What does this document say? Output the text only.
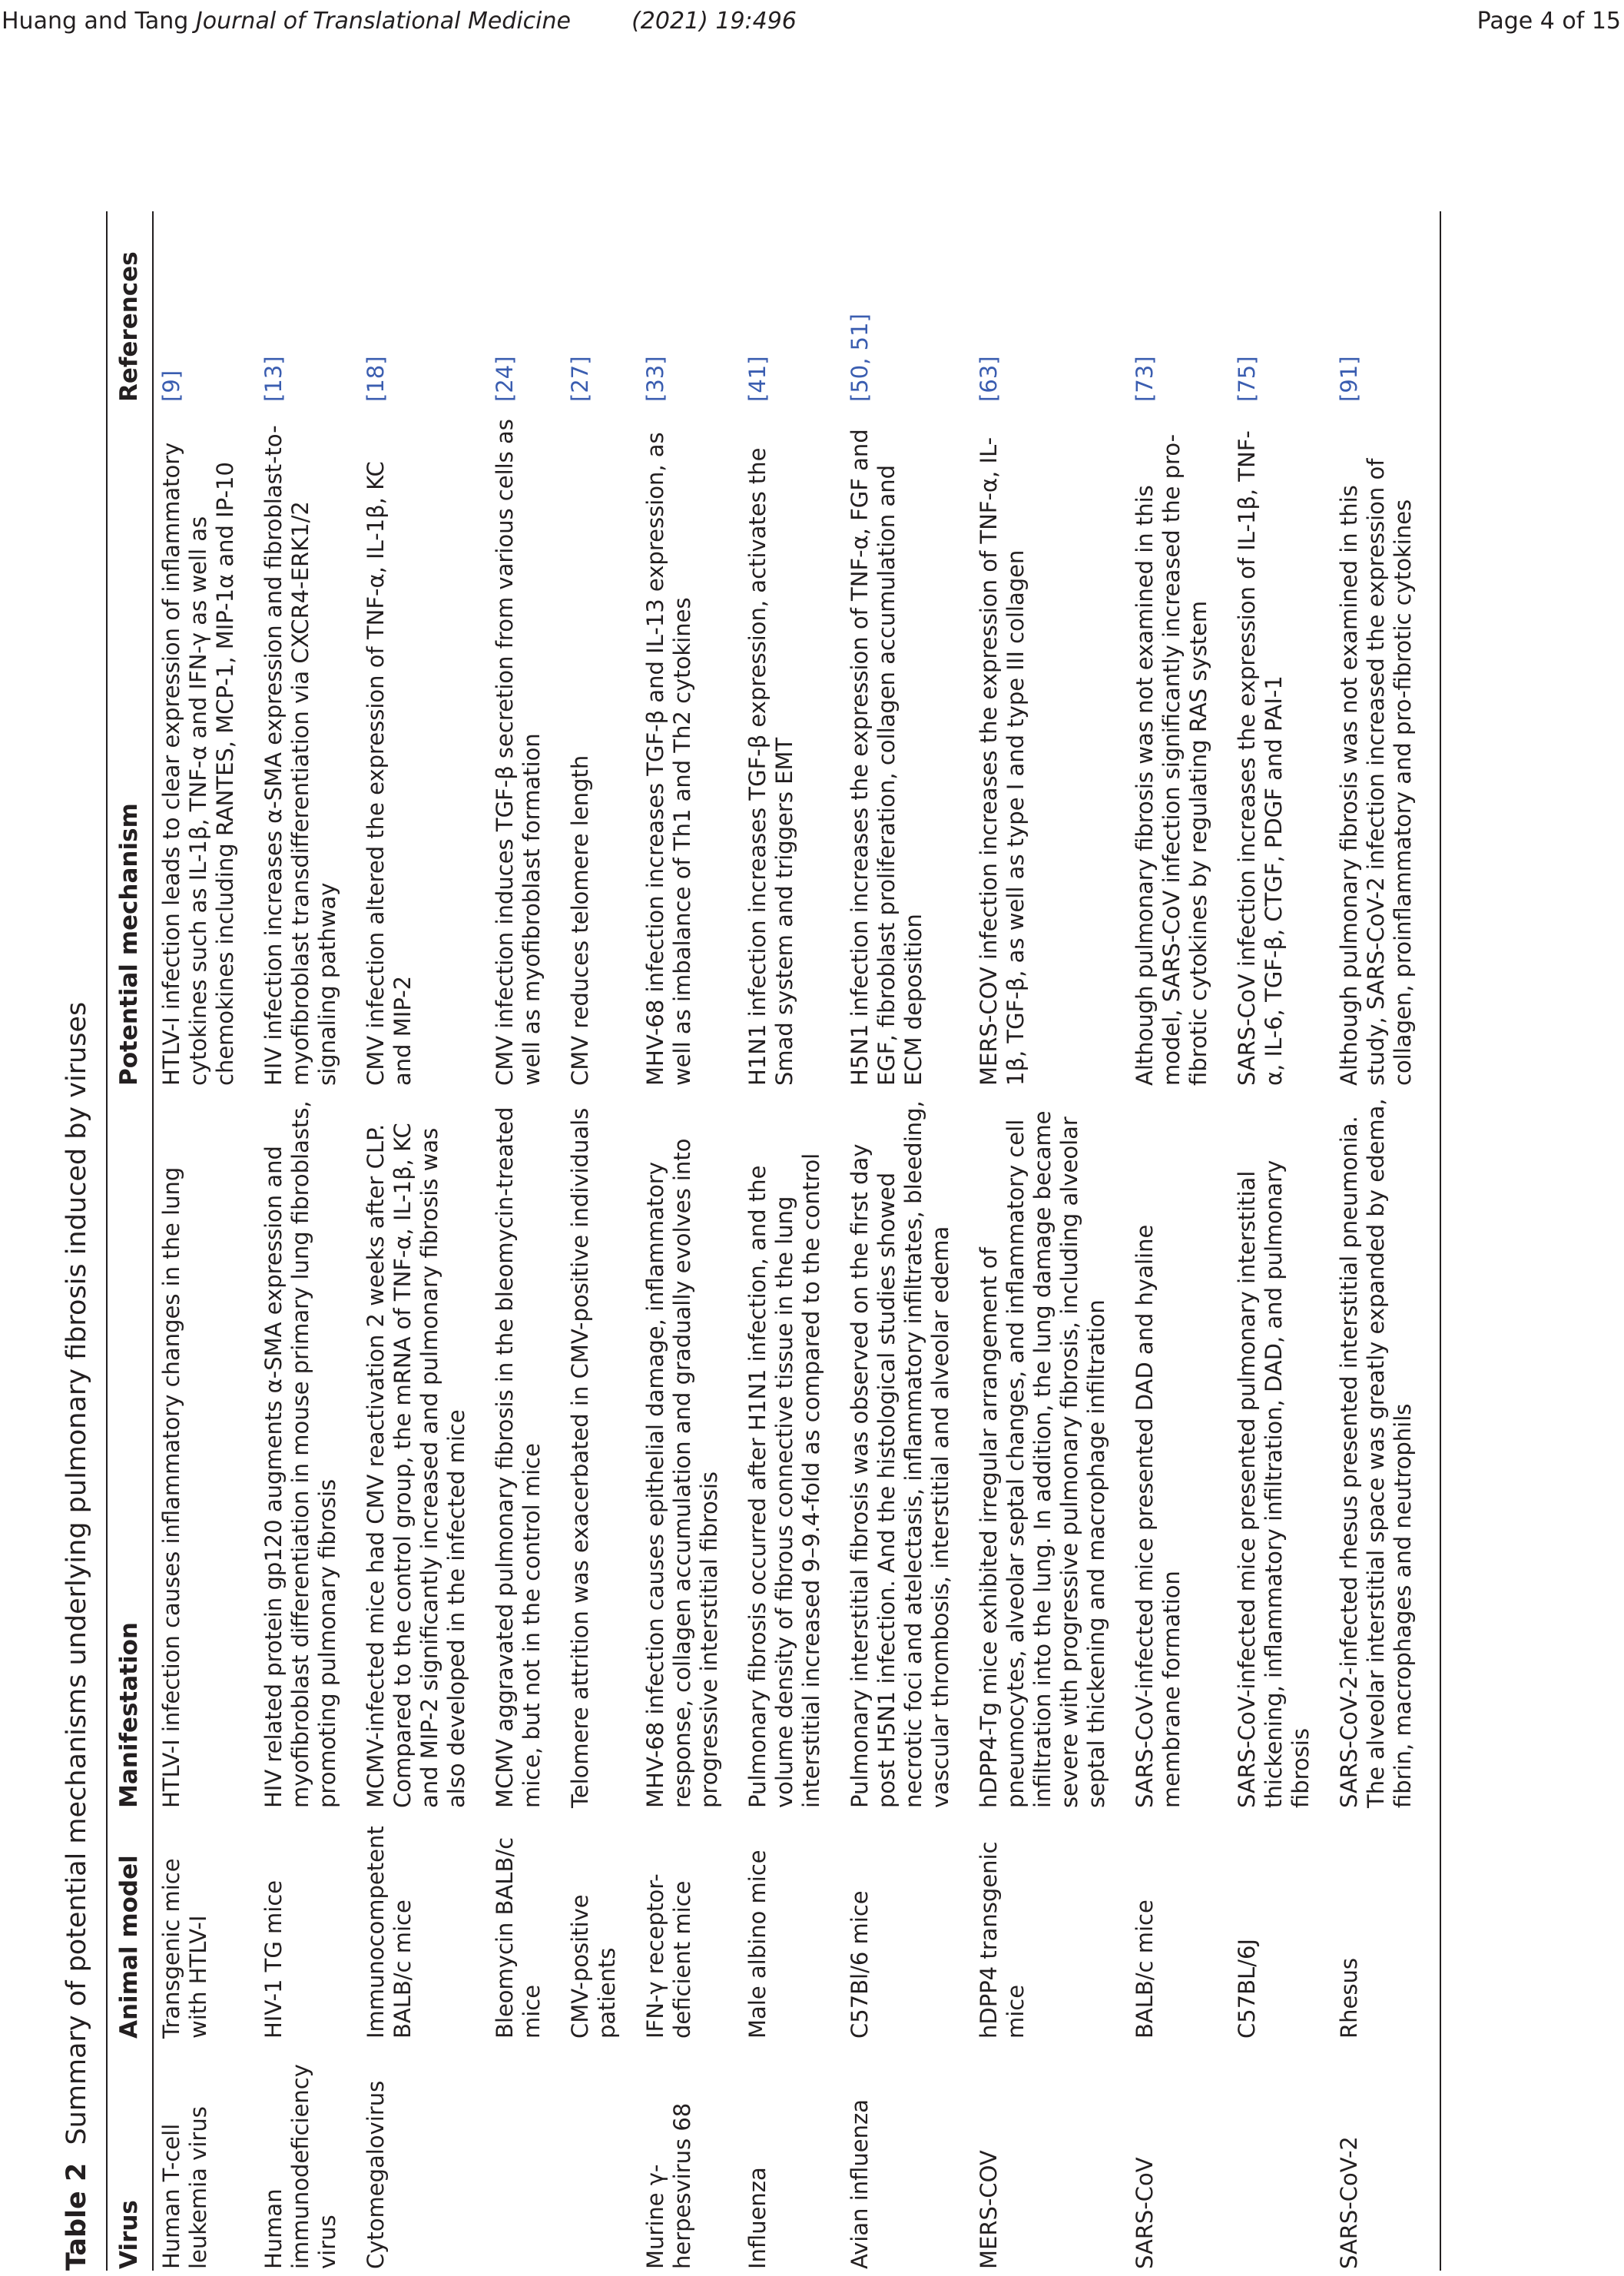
Huang and Tang Journal of Translational Medicine	(2021) 19:496	Page 4 of 15
Table 2 Summary of potential mechanisms underlying pulmonary fibrosis induced by viruses
Virus	Animal model	Manifestation	Potential mechanism	References
Human T-cell leukemia virus	Transgenic mice with HTLV-I	HTLV-I infection causes inflammatory changes in the lung	HTLV-I infection leads to clear expression of inflammatory cytokines such as IL-1β, TNF-α and IFN-γ as well as chemokines including RANTES, MCP-1, MIP-1α and IP-10	[9]
Human immunodeficiency virus	HIV-1 TG mice	HIV related protein gp120 augments α-SMA expression and myofibroblast differentiation in mouse primary lung fibroblasts, promoting pulmonary fibrosis	HIV infection increases α-SMA expression and fibroblast-to-myofibroblast transdifferentiation via CXCR4-ERK1/2 signaling pathway	[13]
Cytomegalovirus	Immunocompetent BALB/c mice	MCMV-infected mice had CMV reactivation 2 weeks after CLP. Compared to the control group, the mRNA of TNF-α, IL-1β, KC and MIP-2 significantly increased and pulmonary fibrosis was also developed in the infected mice	CMV infection altered the expression of TNF-α, IL-1β, KC and MIP-2	[18]
	Bleomycin BALB/c mice	MCMV aggravated pulmonary fibrosis in the bleomycin-treated mice, but not in the control mice	CMV infection induces TGF-β secretion from various cells as well as myofibroblast formation	[24]
	CMV-positive patients	Telomere attrition was exacerbated in CMV-positive individuals	CMV reduces telomere length	[27]
Murine γ-herpesvirus 68	IFN-γ receptor-deficient mice	MHV-68 infection causes epithelial damage, inflammatory response, collagen accumulation and gradually evolves into progressive interstitial fibrosis	MHV-68 infection increases TGF-β and IL-13 expression, as well as imbalance of Th1 and Th2 cytokines	[33]
Influenza	Male albino mice	Pulmonary fibrosis occurred after H1N1 infection, and the volume density of fibrous connective tissue in the lung interstitial increased 9–9.4-fold as compared to the control	H1N1 infection increases TGF-β expression, activates the Smad system and triggers EMT	[41]
Avian influenza	C57Bl/6 mice	Pulmonary interstitial fibrosis was observed on the first day post H5N1 infection. And the histological studies showed necrotic foci and atelectasis, inflammatory infiltrates, bleeding, vascular thrombosis, interstitial and alveolar edema	H5N1 infection increases the expression of TNF-α, FGF and EGF, fibroblast proliferation, collagen accumulation and ECM deposition	[50, 51]
MERS-COV	hDPP4 transgenic mice	hDPP4-Tg mice exhibited irregular arrangement of pneumocytes, alveolar septal changes, and inflammatory cell infiltration into the lung. In addition, the lung damage became severe with progressive pulmonary fibrosis, including alveolar septal thickening and macrophage infiltration	MERS-COV infection increases the expression of TNF-α, IL-1β, TGF-β, as well as type I and type III collagen	[63]
SARS-CoV	BALB/c mice	SARS-CoV-infected mice presented DAD and hyaline membrane formation	Although pulmonary fibrosis was not examined in this model, SARS-CoV infection significantly increased the pro-fibrotic cytokines by regulating RAS system	[73]
	C57BL/6J	SARS-CoV-infected mice presented pulmonary interstitial thickening, inflammatory infiltration, DAD, and pulmonary fibrosis	SARS-CoV infection increases the expression of IL-1β, TNF-α, IL-6, TGF-β, CTGF, PDGF and PAI-1	[75]
SARS-CoV-2	Rhesus	SARS-CoV-2-infected rhesus presented interstitial pneumonia. The alveolar interstitial space was greatly expanded by edema, fibrin, macrophages and neutrophils	Although pulmonary fibrosis was not examined in this study, SARS-CoV-2 infection increased the expression of collagen, proinflammatory and pro-fibrotic cytokines	[91]
